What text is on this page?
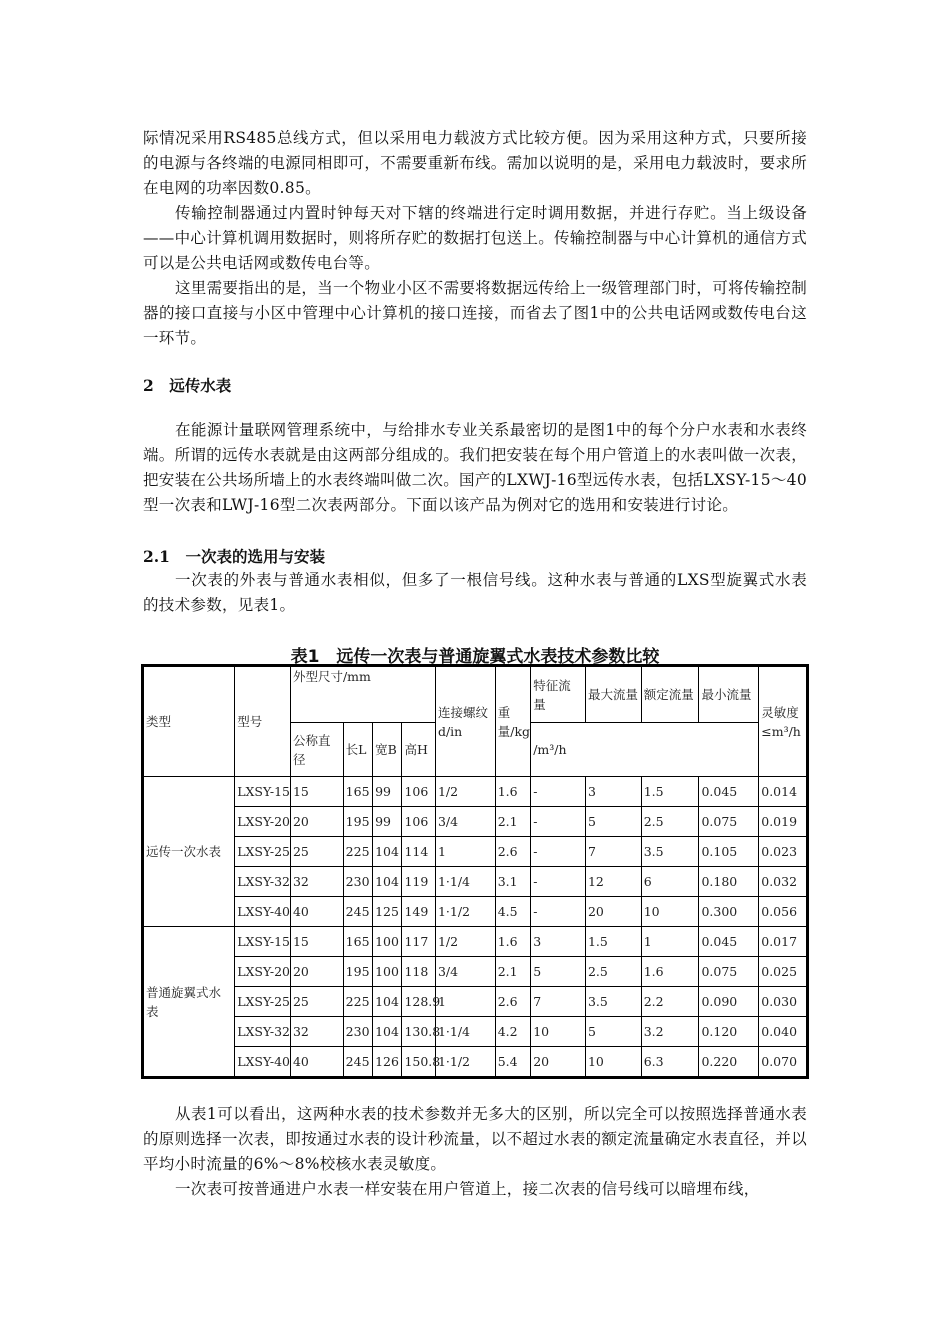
际情况采用RS485总线方式，但以采用电力载波方式比较方便。因为采用这种方式，只要所接的电源与各终端的电源同相即可，不需要重新布线。需加以说明的是，采用电力载波时，要求所在电网的功率因数0.85。

传输控制器通过内置时钟每天对下辖的终端进行定时调用数据，并进行存贮。当上级设备——中心计算机调用数据时，则将所存贮的数据打包送上。传输控制器与中心计算机的通信方式可以是公共电话网或数传电台等。

这里需要指出的是，当一个物业小区不需要将数据远传给上一级管理部门时，可将传输控制器的接口直接与小区中管理中心计算机的接口连接，而省去了图1中的公共电话网或数传电台这一环节。

2　远传水表

在能源计量联网管理系统中，与给排水专业关系最密切的是图1中的每个分户水表和水表终端。所谓的远传水表就是由这两部分组成的。我们把安装在每个用户管道上的水表叫做一次表，把安装在公共场所墙上的水表终端叫做二次。国产的LXWJ-16型远传水表，包括LXSY-15～40型一次表和LWJ-16型二次表两部分。下面以该产品为例对它的选用和安装进行讨论。

2.1　一次表的选用与安装

一次表的外表与普通水表相似，但多了一根信号线。这种水表与普通的LXS型旋翼式水表的技术参数，见表1。

表1　远传一次表与普通旋翼式水表技术参数比较

类型	型号	外型尺寸/mm				连接螺纹d/in	重量/kg	特征流量	最大流量	额定流量	最小流量	灵敏度
≤m³/h
		公称直径	长L	宽B	高H			/m³/h				
远传一次水表	LXSY-15	15	165	99	106	1/2	1.6	-	3	1.5	0.045	0.014
	LXSY-20	20	195	99	106	3/4	2.1	-	5	2.5	0.075	0.019
	LXSY-25	25	225	104	114	1	2.6	-	7	3.5	0.105	0.023
	LXSY-32	32	230	104	119	1·1/4	3.1	-	12	6	0.180	0.032
	LXSY-40	40	245	125	149	1·1/2	4.5	-	20	10	0.300	0.056
普通旋翼式水表	LXSY-15	15	165	100	117	1/2	1.6	3	1.5	1	0.045	0.017
	LXSY-20	20	195	100	118	3/4	2.1	5	2.5	1.6	0.075	0.025
	LXSY-25	25	225	104	128.9	1	2.6	7	3.5	2.2	0.090	0.030
	LXSY-32	32	230	104	130.8	1·1/4	4.2	10	5	3.2	0.120	0.040
	LXSY-40	40	245	126	150.8	1·1/2	5.4	20	10	6.3	0.220	0.070

从表1可以看出，这两种水表的技术参数并无多大的区别，所以完全可以按照选择普通水表的原则选择一次表，即按通过水表的设计秒流量，以不超过水表的额定流量确定水表直径，并以平均小时流量的6%～8%校核水表灵敏度。

一次表可按普通进户水表一样安装在用户管道上，接二次表的信号线可以暗埋布线，
